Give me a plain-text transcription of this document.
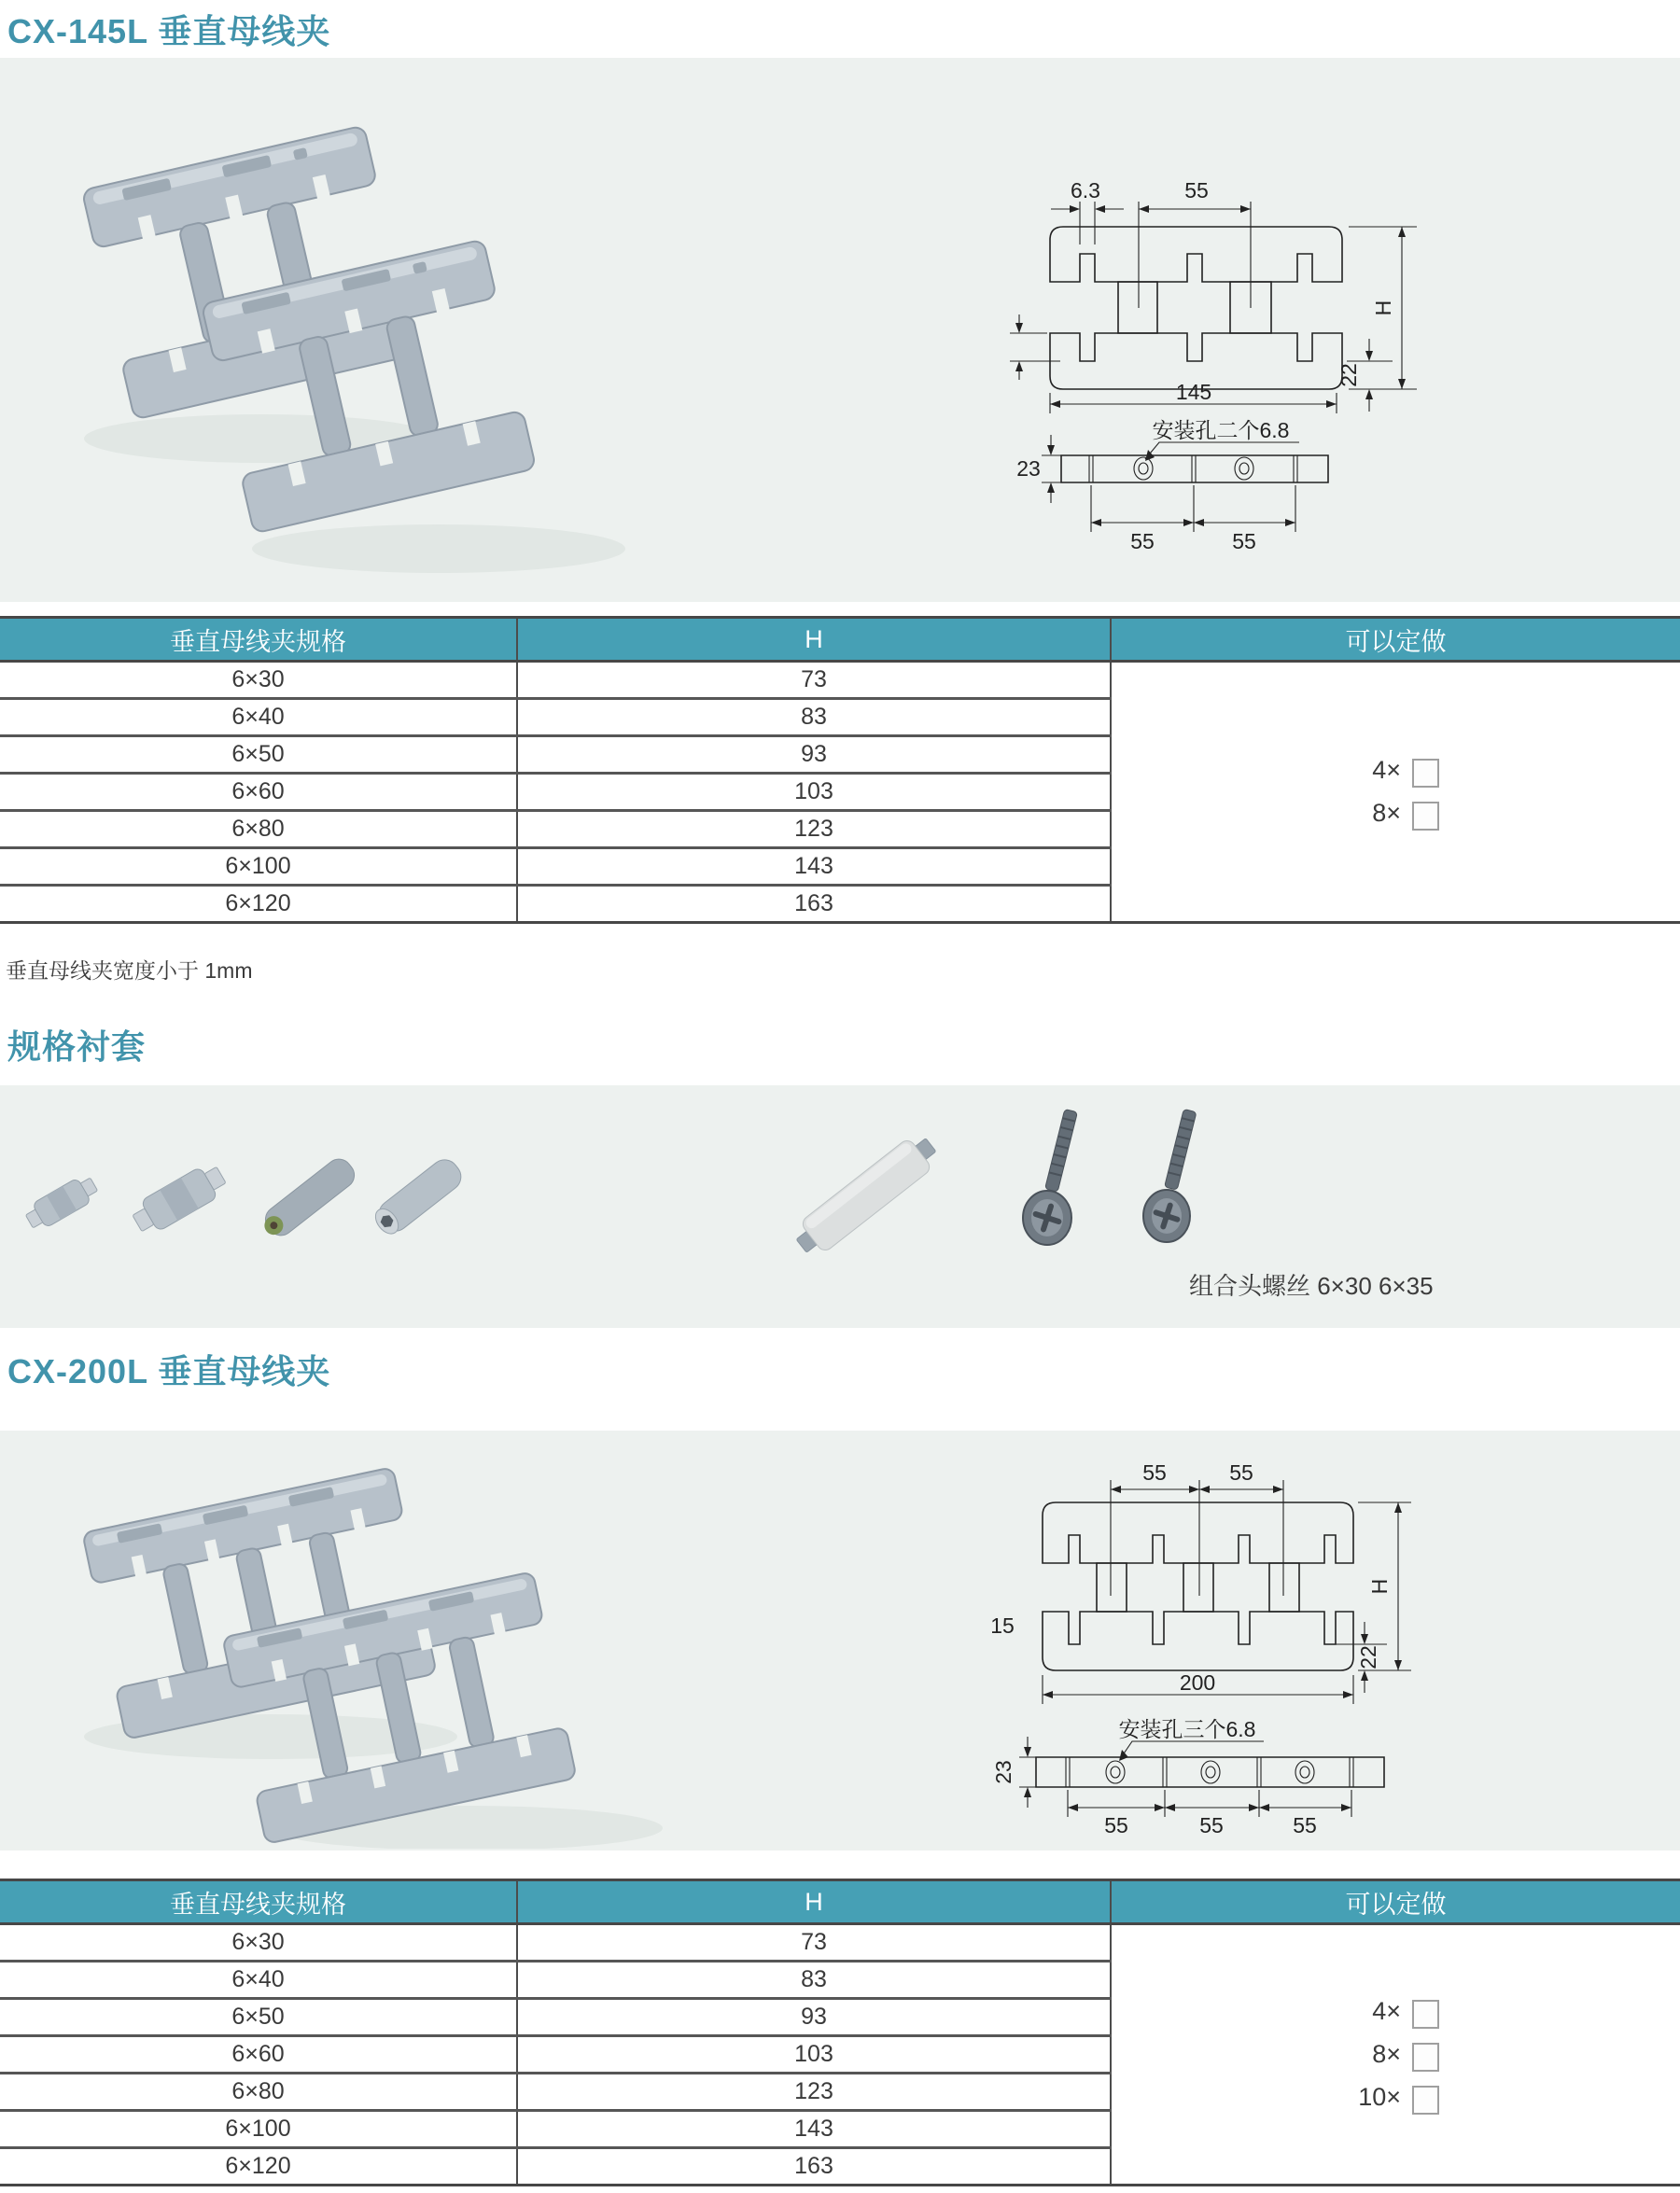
CX-145L 垂直母线夹
6.3	55
H
22
145
安装孔二个6.8
23
55	55
垂直母线夹规格	H	可以定做
6×30	73	4×
8×

6×40	83	
6×50	93	
6×60	103	
6×80	123	
6×100	143	
6×120	163	
垂直母线夹宽度小于 1mm
规格衬套
组合头螺丝 6×30 6×35
CX-200L 垂直母线夹
55	55
15
H
22
200
安装孔三个6.8
23
55	55	55
垂直母线夹规格	H	可以定做
6×30	73	4×
8×
10×

6×40	83	
6×50	93	
6×60	103	
6×80	123	
6×100	143	
6×120	163	
